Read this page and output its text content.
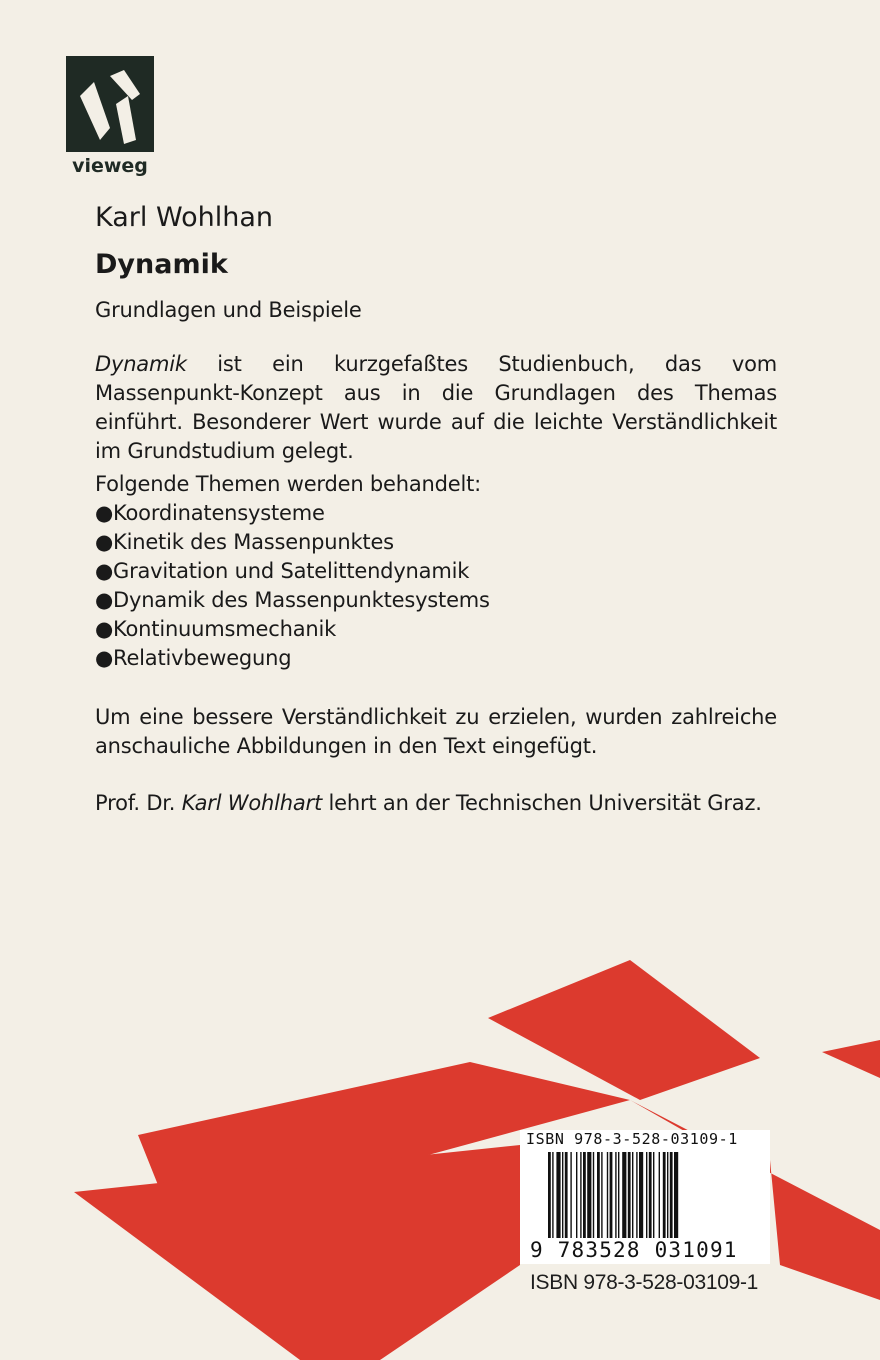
vieweg
Karl Wohlhan
Dynamik
Grundlagen und Beispiele
Dynamik ist ein kurzgefaßtes Studienbuch, das vom Massenpunkt-Konzept aus in die Grundlagen des Themas einführt. Besonderer Wert wurde auf die leichte Verständlichkeit im Grundstudium gelegt.
Folgende Themen werden behandelt:
●Koordinatensysteme
●Kinetik des Massenpunktes
●Gravitation und Satelittendynamik
●Dynamik des Massenpunktesystems
●Kontinuumsmechanik
●Relativbewegung
Um eine bessere Verständlichkeit zu erzielen, wurden zahlreiche anschauliche Abbildungen in den Text eingefügt.
Prof. Dr. Karl Wohlhart lehrt an der Technischen Universität Graz.
ISBN 978-3-528-03109-1
9 783528 031091
ISBN 978-3-528-03109-1
